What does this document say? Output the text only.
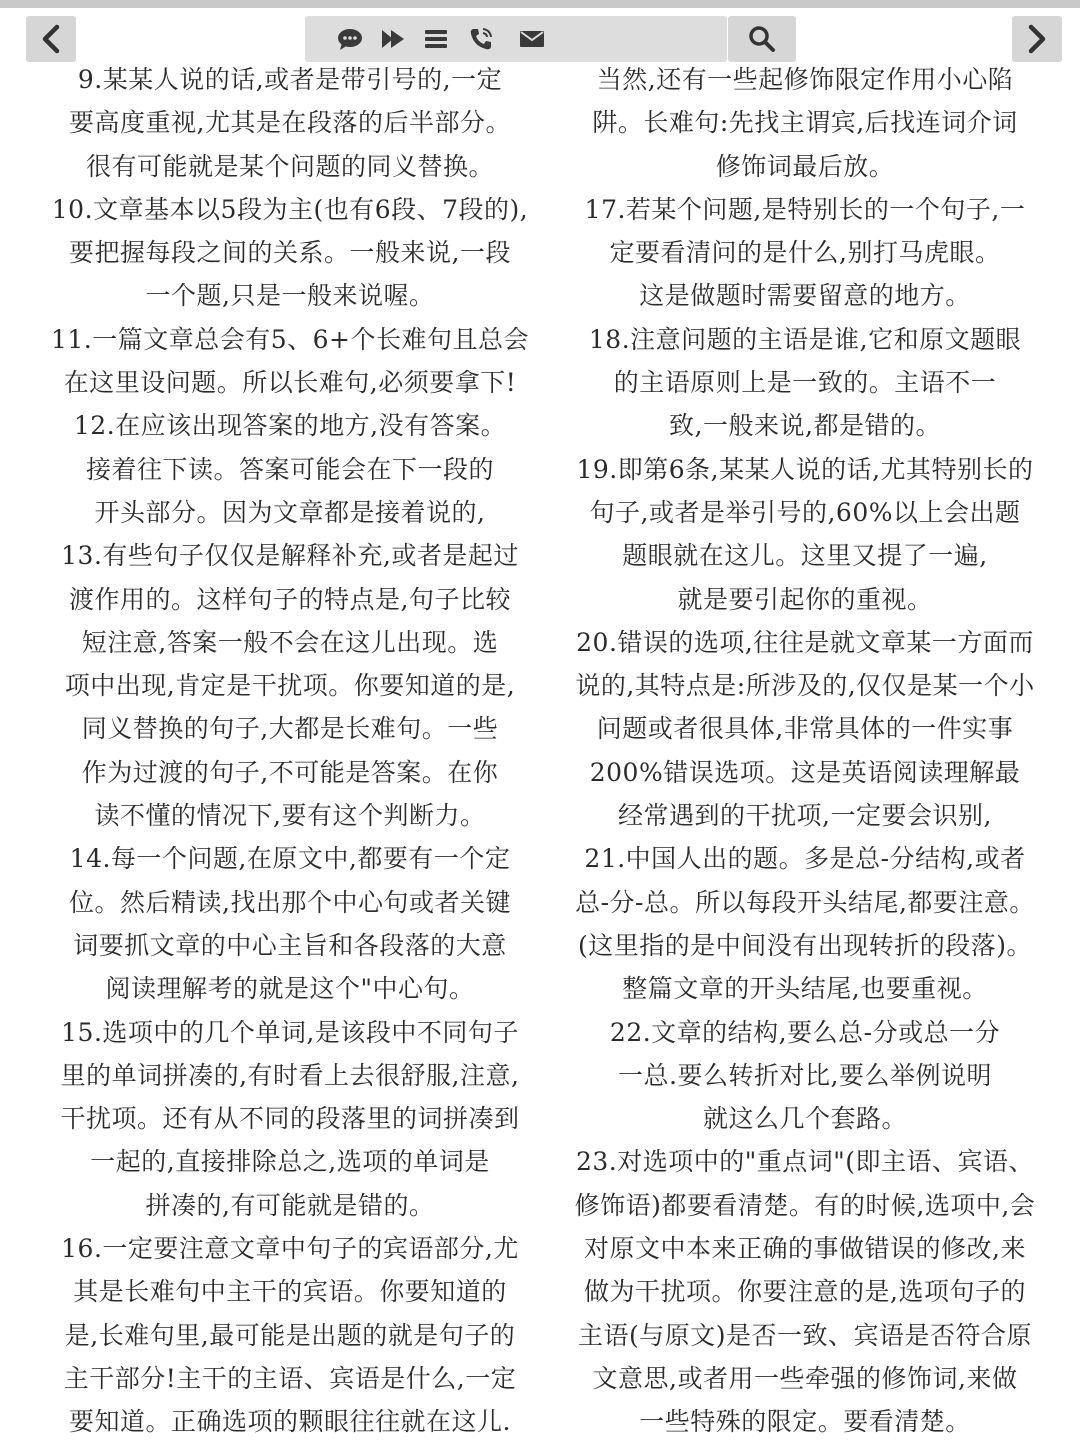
9.某某人说的话,或者是带引号的,一定
要高度重视,尤其是在段落的后半部分。
很有可能就是某个问题的同义替换。
10.文章基本以5段为主(也有6段、7段的),
要把握每段之间的关系。一般来说,一段
一个题,只是一般来说喔。
11.一篇文章总会有5、6+个长难句且总会
在这里设问题。所以长难句,必须要拿下!
12.在应该出现答案的地方,没有答案。
接着往下读。答案可能会在下一段的
开头部分。因为文章都是接着说的,
13.有些句子仅仅是解释补充,或者是起过
渡作用的。这样句子的特点是,句子比较
短注意,答案一般不会在这儿出现。选
项中出现,肯定是干扰项。你要知道的是,
同义替换的句子,大都是长难句。一些
作为过渡的句子,不可能是答案。在你
读不懂的情况下,要有这个判断力。
14.每一个问题,在原文中,都要有一个定
位。然后精读,找出那个中心句或者关键
词要抓文章的中心主旨和各段落的大意
阅读理解考的就是这个"中心句。
15.选项中的几个单词,是该段中不同句子
里的单词拼凑的,有时看上去很舒服,注意,
干扰项。还有从不同的段落里的词拼凑到
一起的,直接排除总之,选项的单词是
拼凑的,有可能就是错的。
16.一定要注意文章中句子的宾语部分,尤
其是长难句中主干的宾语。你要知道的
是,长难句里,最可能是出题的就是句子的
主干部分!主干的主语、宾语是什么,一定
要知道。正确选项的颗眼往往就在这儿.
当然,还有一些起修饰限定作用小心陷
阱。长难句:先找主谓宾,后找连词介词
修饰词最后放。
17.若某个问题,是特别长的一个句子,一
定要看清问的是什么,别打马虎眼。
这是做题时需要留意的地方。
18.注意问题的主语是谁,它和原文题眼
的主语原则上是一致的。主语不一
致,一般来说,都是错的。
19.即第6条,某某人说的话,尤其特别长的
句子,或者是举引号的,60%以上会出题
题眼就在这儿。这里又提了一遍,
就是要引起你的重视。
20.错误的选项,往往是就文章某一方面而
说的,其特点是:所涉及的,仅仅是某一个小
问题或者很具体,非常具体的一件实事
200%错误选项。这是英语阅读理解最
经常遇到的干扰项,一定要会识别,
21.中国人出的题。多是总-分结构,或者
总-分-总。所以每段开头结尾,都要注意。
(这里指的是中间没有出现转折的段落)。
整篇文章的开头结尾,也要重视。
22.文章的结构,要么总-分或总一分
一总.要么转折对比,要么举例说明
就这么几个套路。
23.对选项中的"重点词"(即主语、宾语、
修饰语)都要看清楚。有的时候,选项中,会
对原文中本来正确的事做错误的修改,来
做为干扰项。你要注意的是,选项句子的
主语(与原文)是否一致、宾语是否符合原
文意思,或者用一些牵强的修饰词,来做
一些特殊的限定。要看清楚。
